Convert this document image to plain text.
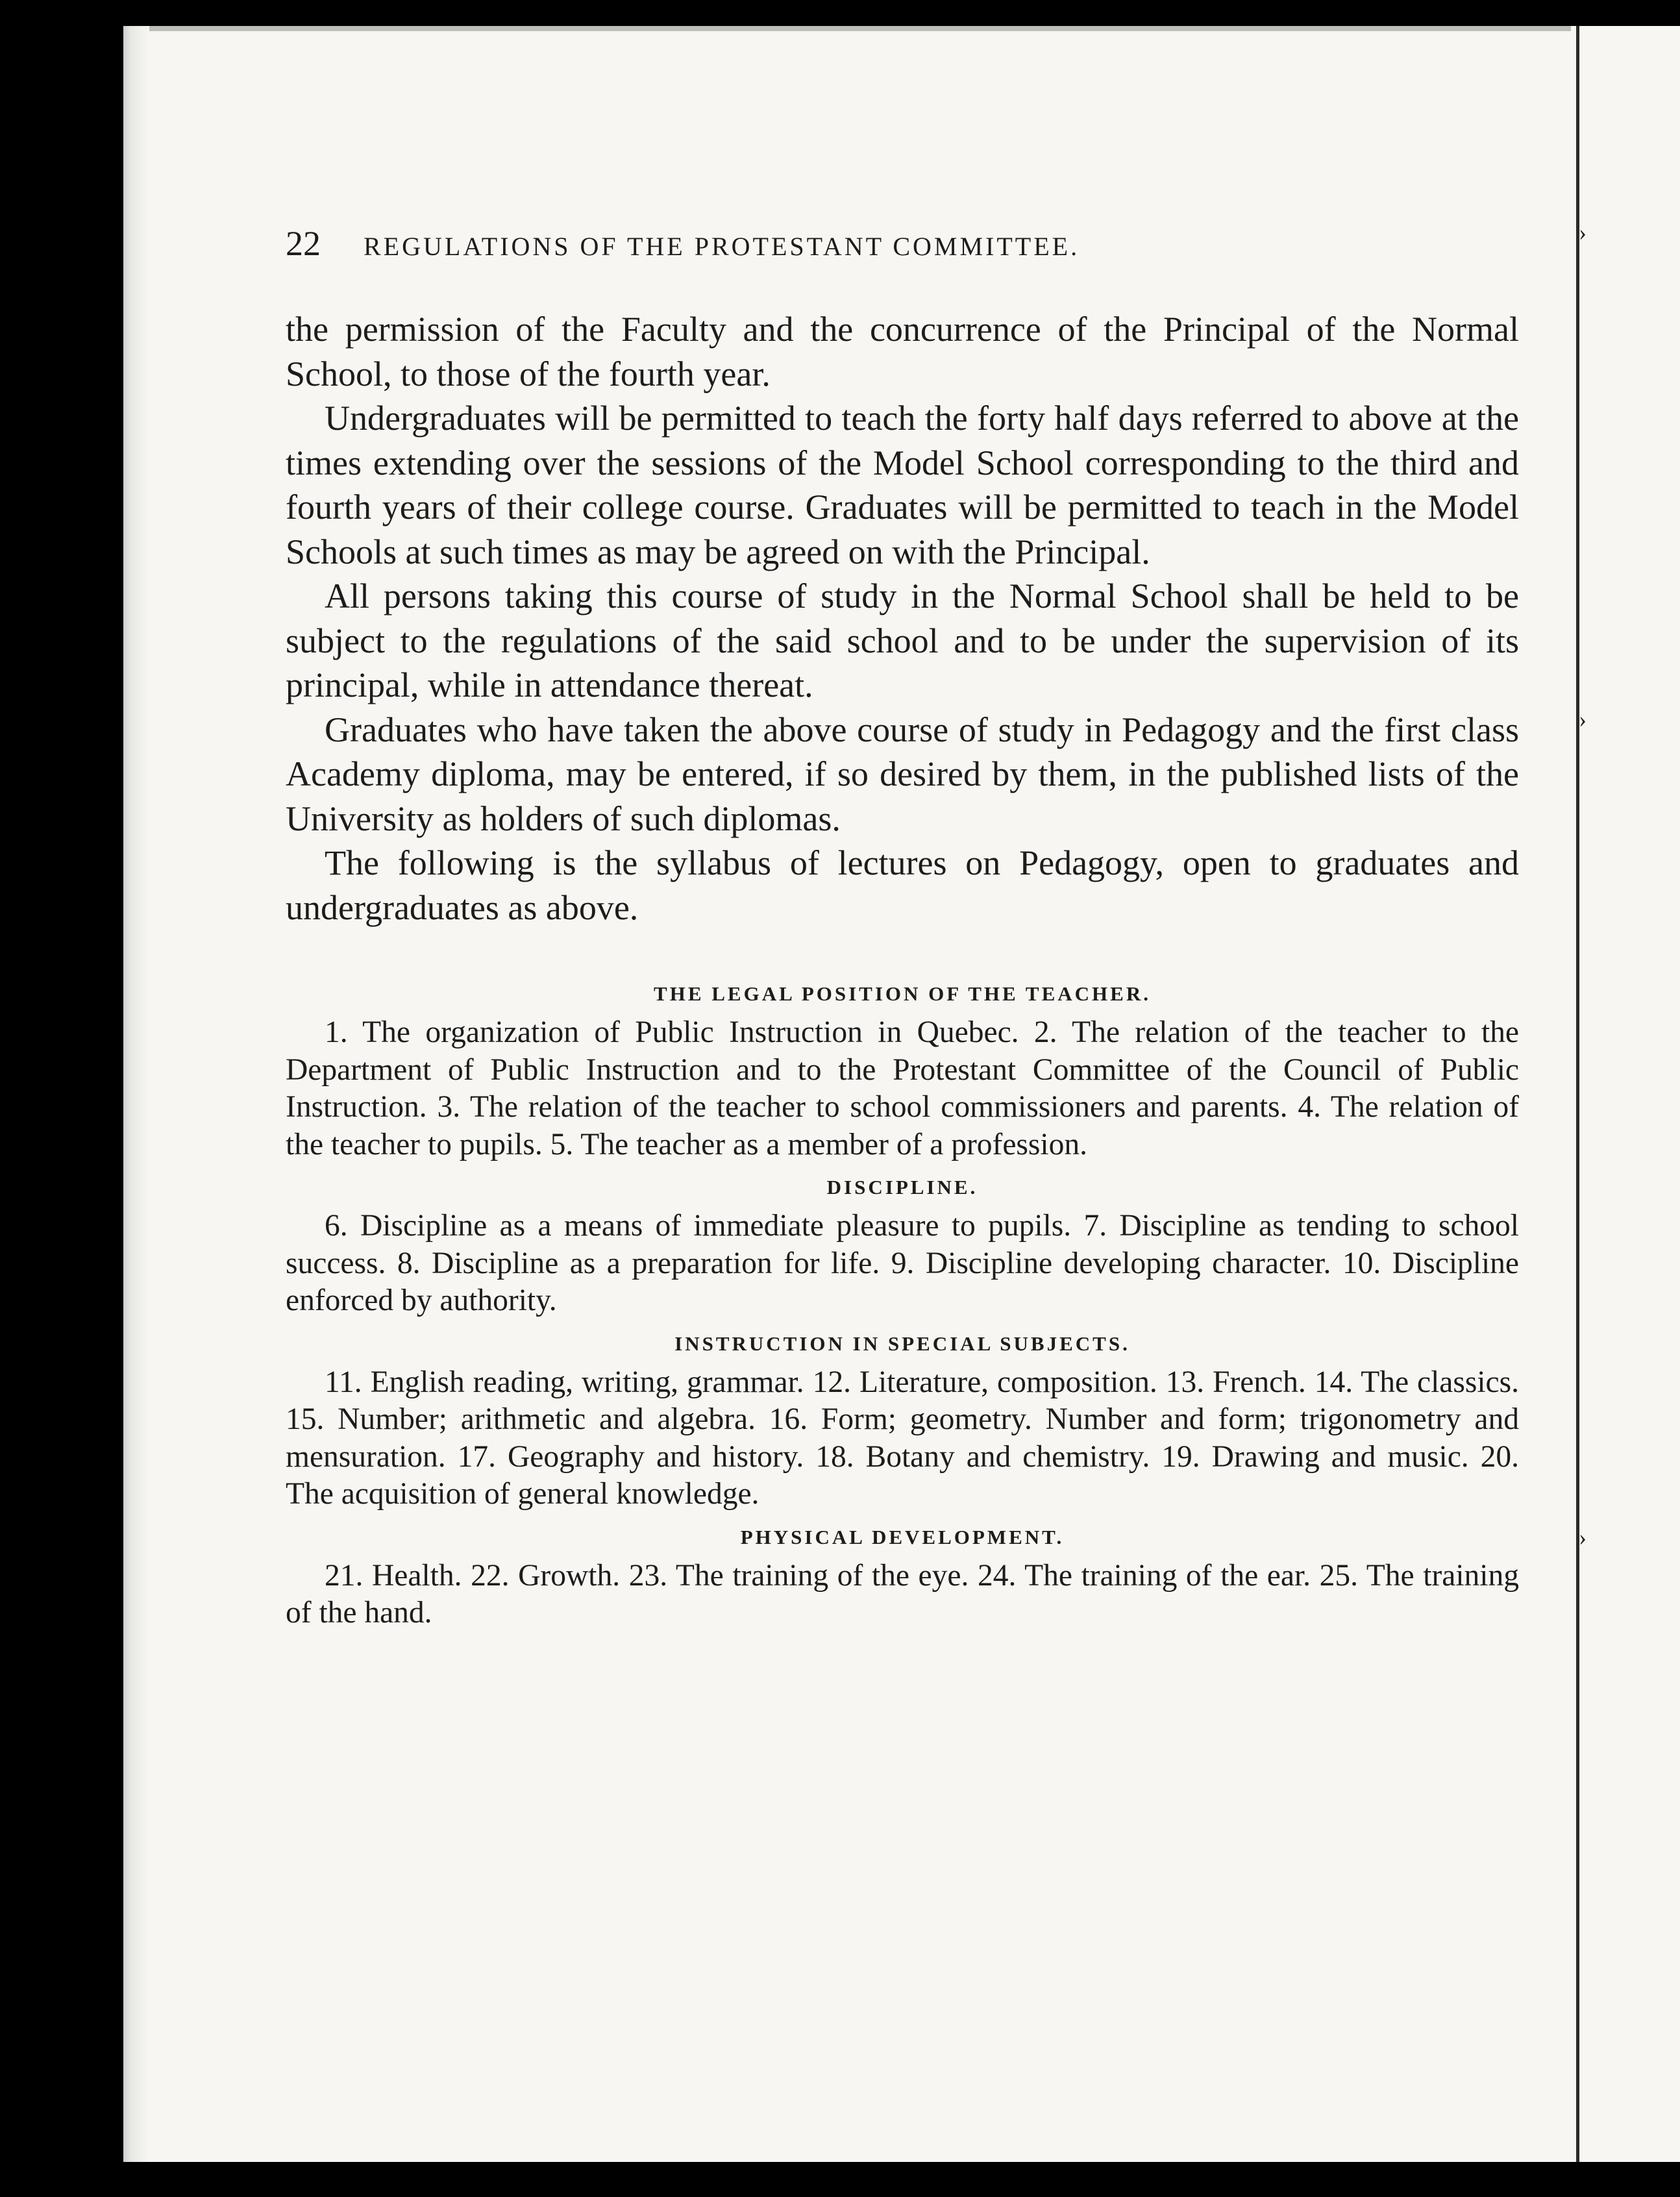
22	REGULATIONS OF THE PROTESTANT COMMITTEE.

the permission of the Faculty and the concurrence of the Principal of the Normal School, to those of the fourth year.

Undergraduates will be permitted to teach the forty half days referred to above at the times extending over the sessions of the Model School corresponding to the third and fourth years of their college course. Graduates will be permitted to teach in the Model Schools at such times as may be agreed on with the Principal.

All persons taking this course of study in the Normal School shall be held to be subject to the regulations of the said school and to be under the supervision of its principal, while in attendance thereat.

Graduates who have taken the above course of study in Pedagogy and the first class Academy diploma, may be entered, if so desired by them, in the published lists of the University as holders of such diplomas.

The following is the syllabus of lectures on Pedagogy, open to graduates and undergraduates as above.

THE LEGAL POSITION OF THE TEACHER.

1. The organization of Public Instruction in Quebec. 2. The relation of the teacher to the Department of Public Instruction and to the Protestant Committee of the Council of Public Instruction. 3. The relation of the teacher to school commissioners and parents. 4. The relation of the teacher to pupils. 5. The teacher as a member of a profession.

DISCIPLINE.

6. Discipline as a means of immediate pleasure to pupils. 7. Discipline as tending to school success. 8. Discipline as a preparation for life. 9. Discipline developing character. 10. Discipline enforced by authority.

INSTRUCTION IN SPECIAL SUBJECTS.

11. English reading, writing, grammar. 12. Literature, composition. 13. French. 14. The classics. 15. Number; arithmetic and algebra. 16. Form; geometry. Number and form; trigonometry and mensuration. 17. Geography and history. 18. Botany and chemistry. 19. Drawing and music. 20. The acquisition of general knowledge.

PHYSICAL DEVELOPMENT.

21. Health. 22. Growth. 23. The training of the eye. 24. The training of the ear. 25. The training of the hand.

›
›
›
